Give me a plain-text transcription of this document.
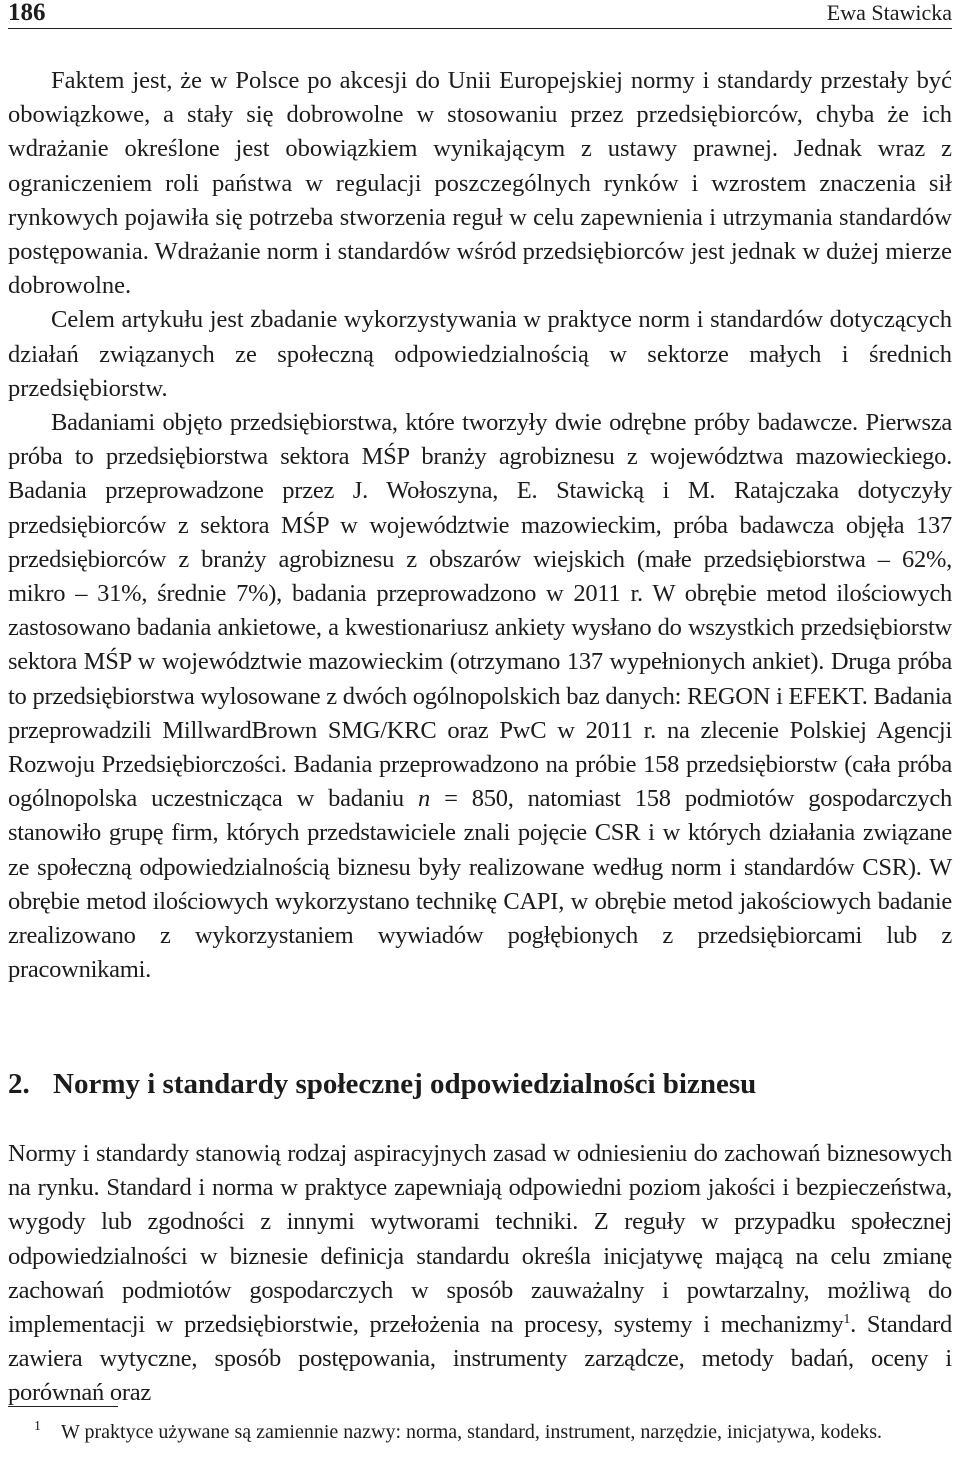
186	Ewa Stawicka

Faktem jest, że w Polsce po akcesji do Unii Europejskiej normy i standardy przestały być obowiązkowe, a stały się dobrowolne w stosowaniu przez przedsiębiorców, chyba że ich wdrażanie określone jest obowiązkiem wynikającym z ustawy prawnej. Jednak wraz z ograniczeniem roli państwa w regulacji poszczególnych rynków i wzrostem znaczenia sił rynkowych pojawiła się potrzeba stworzenia reguł w celu zapewnienia i utrzymania standardów postępowania. Wdrażanie norm i standardów wśród przedsiębiorców jest jednak w dużej mierze dobrowolne.

Celem artykułu jest zbadanie wykorzystywania w praktyce norm i standardów dotyczących działań związanych ze społeczną odpowiedzialnością w sektorze małych i średnich przedsiębiorstw.

Badaniami objęto przedsiębiorstwa, które tworzyły dwie odrębne próby badawcze. Pierwsza próba to przedsiębiorstwa sektora MŚP branży agrobiznesu z województwa mazowieckiego. Badania przeprowadzone przez J. Wołoszyna, E. Stawicką i M. Ratajczaka dotyczyły przedsiębiorców z sektora MŚP w województwie mazowieckim, próba badawcza objęła 137 przedsiębiorców z branży agrobiznesu z obszarów wiejskich (małe przedsiębiorstwa – 62%, mikro – 31%, średnie 7%), badania przeprowadzono w 2011 r. W obrębie metod ilościowych zastosowano badania ankietowe, a kwestionariusz ankiety wysłano do wszystkich przedsiębiorstw sektora MŚP w województwie mazowieckim (otrzymano 137 wypełnionych ankiet). Druga próba to przedsiębiorstwa wylosowane z dwóch ogólnopolskich baz danych: REGON i EFEKT. Badania przeprowadzili MillwardBrown SMG/KRC oraz PwC w 2011 r. na zlecenie Polskiej Agencji Rozwoju Przedsiębiorczości. Badania przeprowadzono na próbie 158 przedsiębiorstw (cała próba ogólnopolska uczestnicząca w badaniu n = 850, natomiast 158 podmiotów gospodarczych stanowiło grupę firm, których przedstawiciele znali pojęcie CSR i w których działania związane ze społeczną odpowiedzialnością biznesu były realizowane według norm i standardów CSR). W obrębie metod ilościowych wykorzystano technikę CAPI, w obrębie metod jakościowych badanie zrealizowano z wykorzystaniem wywiadów pogłębionych z przedsiębiorcami lub z pracownikami.

2. Normy i standardy społecznej odpowiedzialności biznesu

Normy i standardy stanowią rodzaj aspiracyjnych zasad w odniesieniu do zachowań biznesowych na rynku. Standard i norma w praktyce zapewniają odpowiedni poziom jakości i bezpieczeństwa, wygody lub zgodności z innymi wytworami techniki. Z reguły w przypadku społecznej odpowiedzialności w biznesie definicja standardu określa inicjatywę mającą na celu zmianę zachowań podmiotów gospodarczych w sposób zauważalny i powtarzalny, możliwą do implementacji w przedsiębiorstwie, przełożenia na procesy, systemy i mechanizmy$^1$. Standard zawiera wytyczne, sposób postępowania, instrumenty zarządcze, metody badań, oceny i porównań oraz

$^1$ W praktyce używane są zamiennie nazwy: norma, standard, instrument, narzędzie, inicjatywa, kodeks.
